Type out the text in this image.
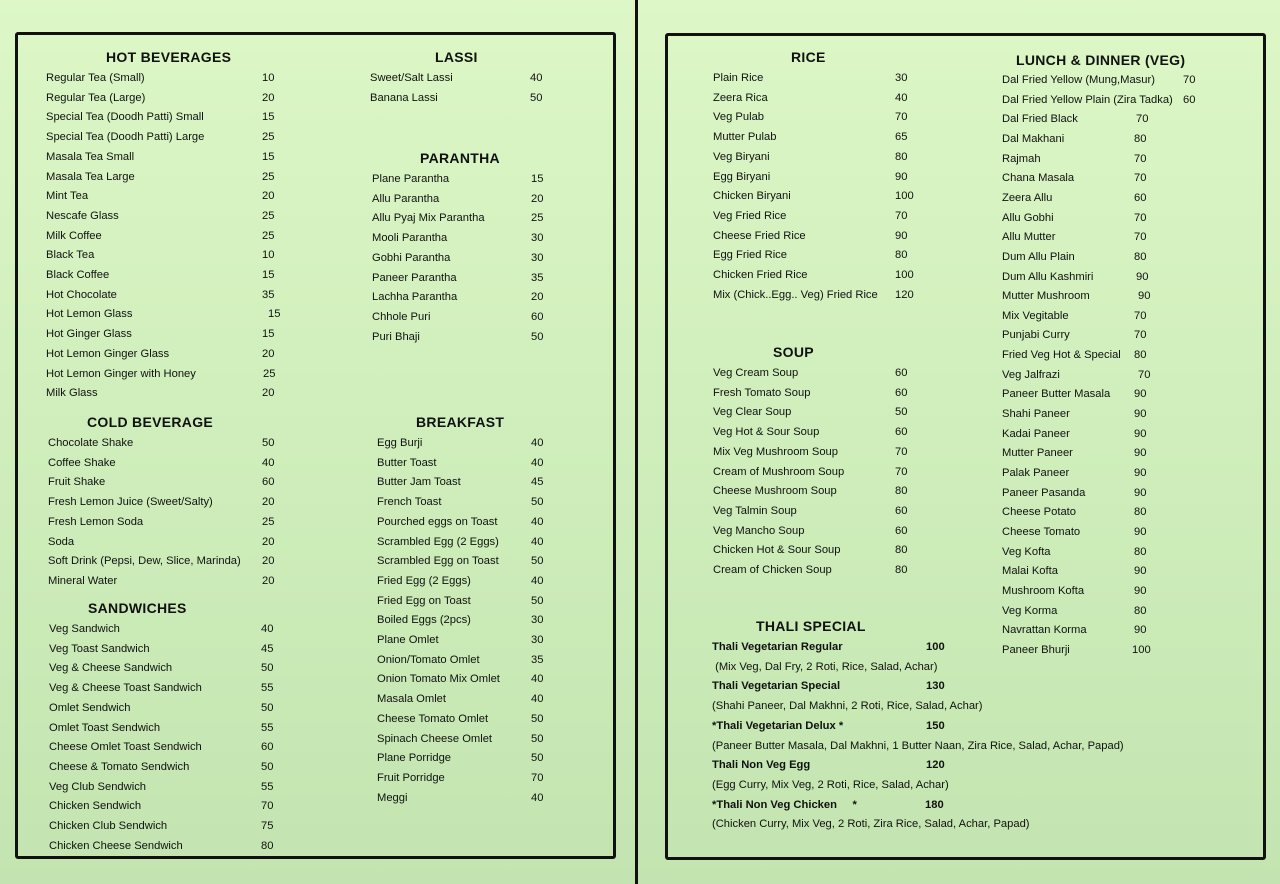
HOT BEVERAGES
Regular Tea (Small)	10
Regular Tea (Large)	20
Special Tea (Doodh Patti) Small	15
Special Tea (Doodh Patti) Large	25
Masala Tea Small	15
Masala Tea Large	25
Mint Tea	20
Nescafe Glass	25
Milk Coffee	25
Black Tea	10
Black Coffee	15
Hot Chocolate	35
Hot Lemon Glass	15
Hot Ginger Glass	15
Hot Lemon Ginger Glass	20
Hot Lemon Ginger with Honey	25
Milk Glass	20
COLD BEVERAGE
Chocolate Shake	50
Coffee Shake	40
Fruit Shake	60
Fresh Lemon Juice (Sweet/Salty)	20
Fresh Lemon Soda	25
Soda	20
Soft Drink (Pepsi, Dew, Slice, Marinda) 20
Mineral Water	20
SANDWICHES
Veg Sandwich	40
Veg Toast Sandwich	45
Veg & Cheese Sandwich	50
Veg & Cheese Toast Sandwich	55
Omlet Sendwich	50
Omlet Toast Sendwich	55
Cheese Omlet Toast Sendwich	60
Cheese & Tomato Sendwich	50
Veg Club Sendwich	55
Chicken Sendwich	70
Chicken Club Sendwich	75
Chicken Cheese Sendwich	80
LASSI
Sweet/Salt Lassi	40
Banana Lassi	50
PARANTHA
Plane Parantha	15
Allu Parantha	20
Allu Pyaj Mix Parantha	25
Mooli Parantha	30
Gobhi Parantha	30
Paneer Parantha	35
Lachha Parantha	20
Chhole Puri	60
Puri Bhaji	50
BREAKFAST
Egg Burji	40
Butter Toast	40
Butter Jam Toast	45
French Toast	50
Pourched eggs on Toast	40
Scrambled Egg (2 Eggs)	40
Scrambled Egg on Toast	50
Fried Egg (2 Eggs)	40
Fried Egg on Toast	50
Boiled Eggs (2pcs)	30
Plane Omlet	30
Onion/Tomato Omlet	35
Onion Tomato Mix Omlet	40
Masala Omlet	40
Cheese Tomato Omlet	50
Spinach Cheese Omlet	50
Plane Porridge	50
Fruit Porridge	70
Meggi	40
RICE
Plain Rice	30
Zeera Rica	40
Veg Pulab	70
Mutter Pulab	65
Veg Biryani	80
Egg Biryani	90
Chicken Biryani	100
Veg Fried Rice	70
Cheese Fried Rice	90
Egg Fried Rice	80
Chicken Fried Rice	100
Mix (Chick..Egg.. Veg) Fried Rice 120
SOUP
Veg Cream Soup	60
Fresh Tomato Soup	60
Veg Clear Soup	50
Veg Hot & Sour Soup	60
Mix Veg Mushroom Soup	70
Cream of Mushroom Soup	70
Cheese Mushroom Soup	80
Veg Talmin Soup	60
Veg Mancho Soup	60
Chicken Hot & Sour Soup	80
Cream of Chicken Soup	80
LUNCH & DINNER (VEG)
Dal Fried Yellow (Mung,Masur)	70
Dal Fried Yellow Plain (Zira Tadka) 60
Dal Fried Black	70
Dal Makhani	80
Rajmah	70
Chana Masala	70
Zeera Allu	60
Allu Gobhi	70
Allu Mutter	70
Dum Allu Plain	80
Dum Allu Kashmiri	90
Mutter Mushroom	90
Mix Vegitable	70
Punjabi Curry	70
Fried Veg Hot & Special 80
Veg Jalfrazi	70
Paneer Butter Masala 90
Shahi Paneer	90
Kadai Paneer	90
Mutter Paneer	90
Palak Paneer	90
Paneer Pasanda	90
Cheese Potato	80
Cheese Tomato	90
Veg Kofta	80
Malai Kofta	90
Mushroom Kofta	90
Veg Korma	80
Navrattan Korma	90
Paneer Bhurji	100
THALI SPECIAL
Thali Vegetarian Regular	100
(Mix Veg, Dal Fry, 2 Roti, Rice, Salad, Achar)
Thali Vegetarian Special	130
(Shahi Paneer, Dal Makhni, 2 Roti, Rice, Salad, Achar)
*Thali Vegetarian Delux *	150
(Paneer Butter Masala, Dal Makhni, 1 Butter Naan, Zira Rice, Salad, Achar, Papad)
Thali Non Veg Egg	120
(Egg Curry, Mix Veg, 2 Roti, Rice, Salad, Achar)
*Thali Non Veg Chicken     *	180
(Chicken Curry, Mix Veg, 2 Roti, Zira Rice, Salad, Achar, Papad)
